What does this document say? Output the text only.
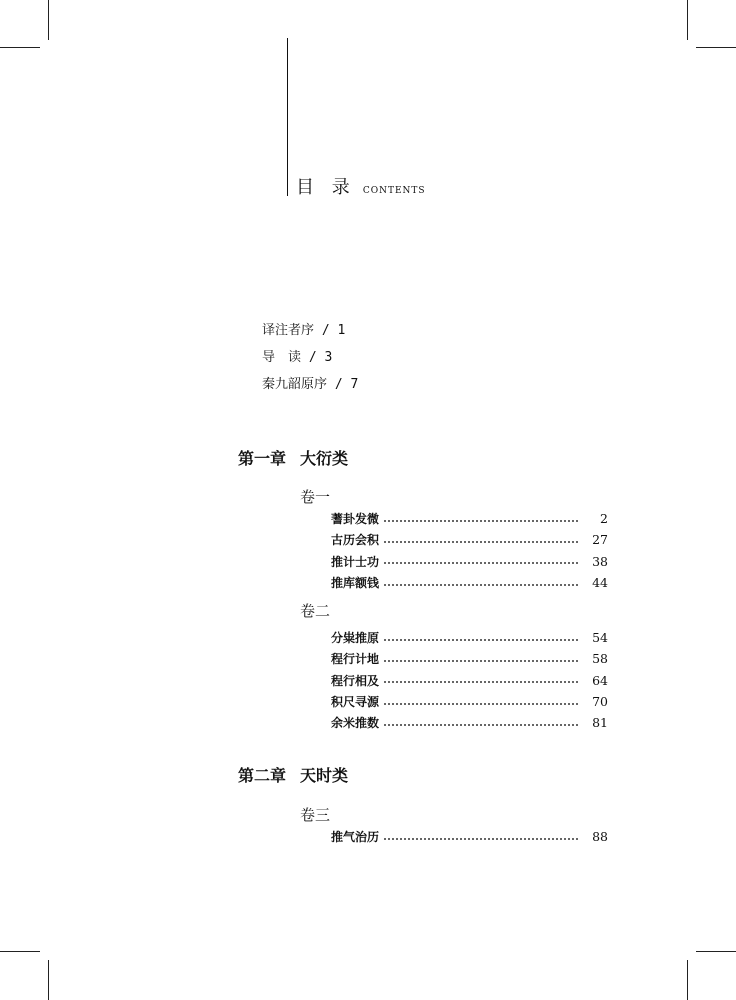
目 录 contents
译注者序 / 1
导　读 / 3
秦九韶原序 / 7
第一章 大衍类
卷一
蓍卦发微	2
古历会积	27
推计士功	38
推库额钱	44
卷二
分粜推原	54
程行计地	58
程行相及	64
积尺寻源	70
余米推数	81
第二章 天时类
卷三
推气治历	88
